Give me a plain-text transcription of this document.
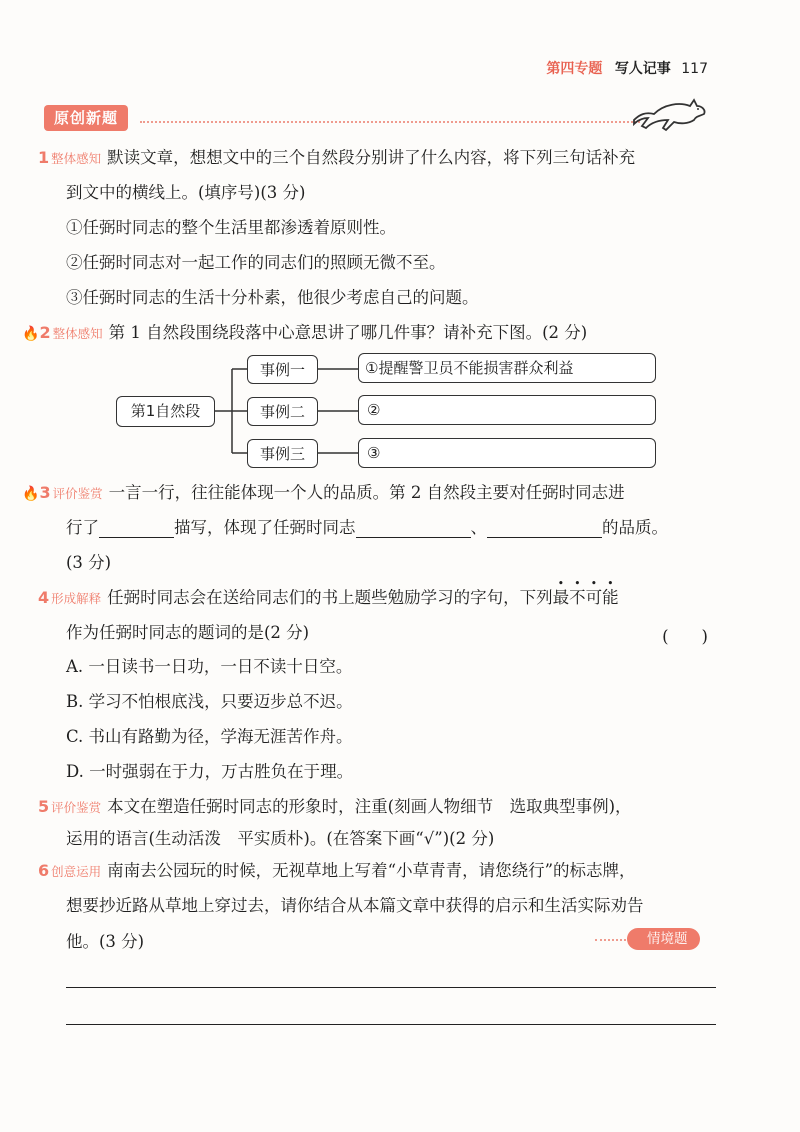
第四专题 写人记事 117
原创新题
1 整体感知 默读文章，想想文中的三个自然段分别讲了什么内容，将下列三句话补充
到文中的横线上。(填序号)(3 分)
①任弼时同志的整个生活里都渗透着原则性。
②任弼时同志对一起工作的同志们的照顾无微不至。
③任弼时同志的生活十分朴素，他很少考虑自己的问题。
🔥2 整体感知 第 1 自然段围绕段落中心意思讲了哪几件事？请补充下图。(2 分)
第1自然段
事例一
事例二
事例三
①提醒警卫员不能损害群众利益
②
③
🔥3 评价鉴赏 一言一行，往往能体现一个人的品质。第 2 自然段主要对任弼时同志进
行了	描写，体现了任弼时同志	、	的品质。
(3 分)
4 形成解释 任弼时同志会在送给同志们的书上题些勉励学习的字句，下列最不可能
作为任弼时同志的题词的是(2 分)	(　　)
A. 一日读书一日功，一日不读十日空。
B. 学习不怕根底浅，只要迈步总不迟。
C. 书山有路勤为径，学海无涯苦作舟。
D. 一时强弱在于力，万古胜负在于理。
5 评价鉴赏 本文在塑造任弼时同志的形象时，注重(刻画人物细节　选取典型事例)，
运用的语言(生动活泼　平实质朴)。(在答案下画“√”)(2 分)
6 创意运用 南南去公园玩的时候，无视草地上写着“小草青青，请您绕行”的标志牌，
想要抄近路从草地上穿过去，请你结合从本篇文章中获得的启示和生活实际劝告
他。(3 分)	情境题
